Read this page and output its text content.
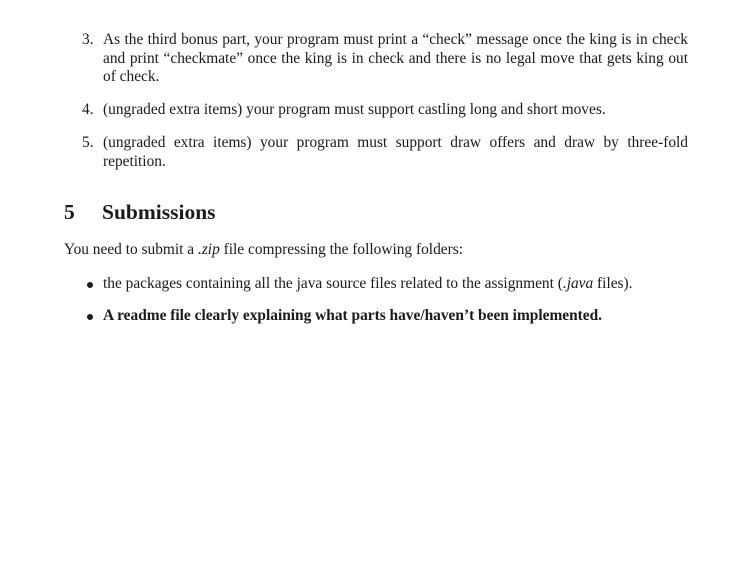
3. As the third bonus part, your program must print a “check” message once the king is in check and print “checkmate” once the king is in check and there is no legal move that gets king out of check.
4. (ungraded extra items) your program must support castling long and short moves.
5. (ungraded extra items) your program must support draw offers and draw by three-fold repetition.
5 Submissions

You need to submit a .zip file compressing the following folders:

the packages containing all the java source files related to the assignment (.java files).
A readme file clearly explaining what parts have/haven’t been implemented.
